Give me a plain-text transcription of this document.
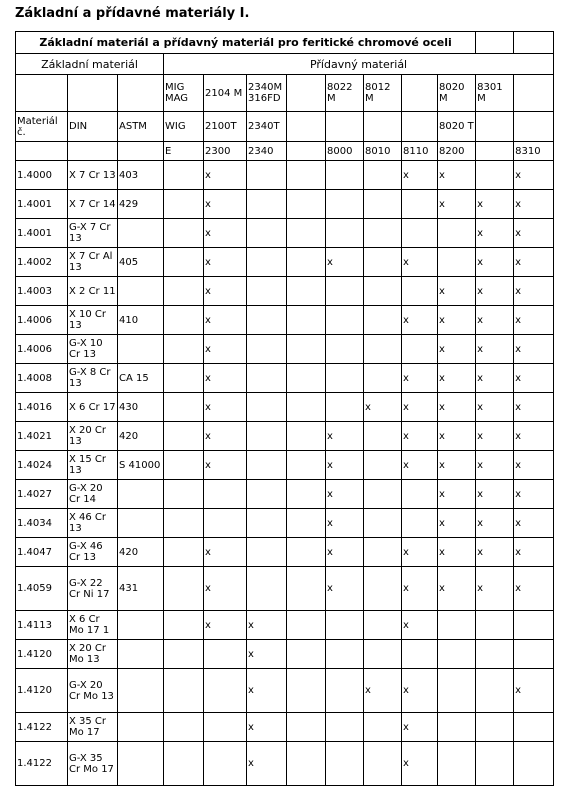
Základní a přídavné materiály I.
Základní materiál a přídavný materiál pro feritické chromové oceli												
Základní materiál			Přídavný materiál									
			MIG MAG	2104 M	2340M 316FD		8022 M	8012 M		8020 M	8301 M	
Materiál č.	DIN	ASTM	WIG	2100T	2340T					8020 T		
			E	2300	2340		8000	8010	8110	8200		8310
1.4000	X 7 Cr 13	403		x					x	x		x
1.4001	X 7 Cr 14	429		x						x	x	x
1.4001	G-X 7 Cr 13			x							x	x
1.4002	X 7 Cr Al 13	405		x			x		x		x	x
1.4003	X 2 Cr 11			x						x	x	x
1.4006	X 10 Cr 13	410		x					x	x	x	x
1.4006	G-X 10 Cr 13			x						x	x	x
1.4008	G-X 8 Cr 13	CA 15		x					x	x	x	x
1.4016	X 6 Cr 17	430		x				x	x	x	x	x
1.4021	X 20 Cr 13	420		x			x		x	x	x	x
1.4024	X 15 Cr 13	S 41000		x			x		x	x	x	x
1.4027	G-X 20 Cr 14						x			x	x	x
1.4034	X 46 Cr 13						x			x	x	x
1.4047	G-X 46 Cr 13	420		x			x		x	x	x	x
1.4059	G-X 22 Cr Ni 17	431		x			x		x	x	x	x
1.4113	X 6 Cr Mo 17 1			x	x				x			
1.4120	X 20 Cr Mo 13				x							
1.4120	G-X 20 Cr Mo 13				x			x	x			x
1.4122	X 35 Cr Mo 17				x				x			
1.4122	G-X 35 Cr Mo 17				x				x			
